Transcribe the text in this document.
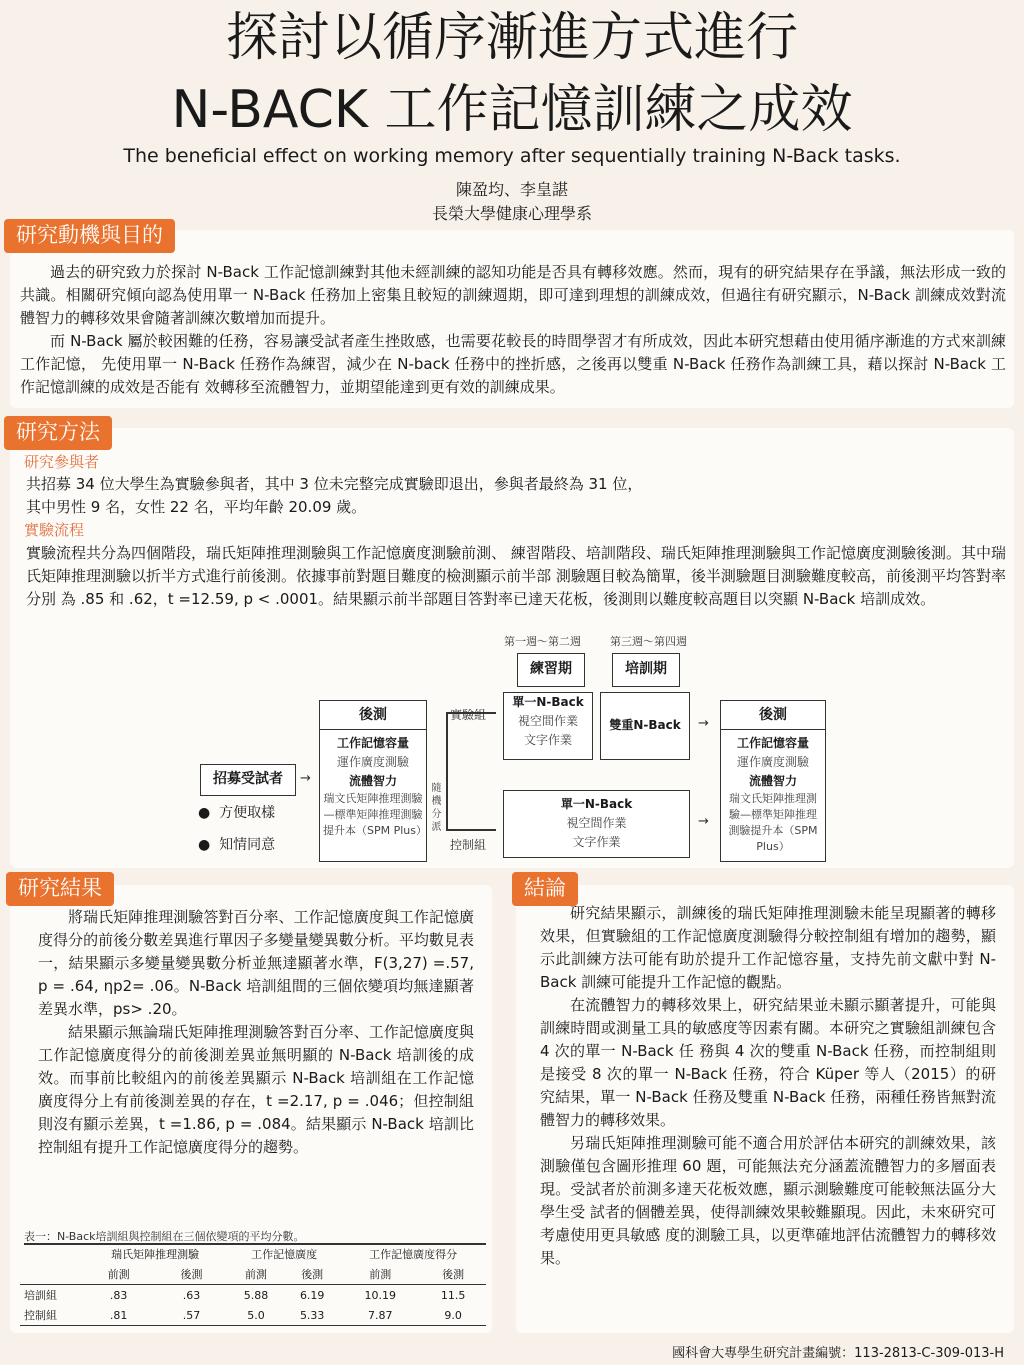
探討以循序漸進方式進行
N-BACK 工作記憶訓練之成效
The beneficial effect on working memory after sequentially training N-Back tasks.
陳盈均、李皇諶
長榮大學健康心理學系
研究動機與目的

過去的研究致力於探討 N-Back 工作記憶訓練對其他未經訓練的認知功能是否具有轉移效應。然而，現有的研究結果存在爭議，無法形成一致的共識。相關研究傾向認為使用單一 N-Back 任務加上密集且較短的訓練週期，即可達到理想的訓練成效，但過往有研究顯示，N-Back 訓練成效對流體智力的轉移效果會隨著訓練次數增加而提升。

而 N-Back 屬於較困難的任務，容易讓受試者產生挫敗感，也需要花較長的時間學習才有所成效，因此本研究想藉由使用循序漸進的方式來訓練工作記憶， 先使用單一 N-Back 任務作為練習，減少在 N-back 任務中的挫折感，之後再以雙重 N-Back 任務作為訓練工具，藉以探討 N-Back 工作記憶訓練的成效是否能有 效轉移至流體智力，並期望能達到更有效的訓練成果。

研究方法
研究參與者
共招募 34 位大學生為實驗參與者，其中 3 位未完整完成實驗即退出，參與者最終為 31 位，
其中男性 9 名，女性 22 名，平均年齡 20.09 歲。
實驗流程
實驗流程共分為四個階段，瑞氏矩陣推理測驗與工作記憶廣度測驗前測、 練習階段、培訓階段、瑞氏矩陣推理測驗與工作記憶廣度測驗後測。其中瑞氏矩陣推理測驗以折半方式進行前後測。依據事前對題目難度的檢測顯示前半部 測驗題目較為簡單，後半測驗題目測驗難度較高，前後測平均答對率分別 為 .85 和 .62，t =12.59, p < .0001。結果顯示前半部題目答對率已達天花板，後測則以難度較高題目以突顯 N-Back 培訓成效。
第一週～第二週	第三週～第四週
練習期	培訓期
招募受試者
●  方便取樣
●  知情同意
後測
工作記憶容量
運作廣度測驗
流體智力
瑞文氏矩陣推理測驗—標準矩陣推理測驗提升本（SPM Plus）
→
隨機分派
實驗組
控制組
單一N-Back
視空間作業
文字作業
雙重N-Back
單一N-Back
視空間作業
文字作業
→
→
後測
工作記憶容量
運作廣度測驗
流體智力
瑞文氏矩陣推理測驗—標準矩陣推理測驗提升本（SPM Plus）
研究結果

將瑞氏矩陣推理測驗答對百分率、工作記憶廣度與工作記憶廣度得分的前後分數差異進行單因子多變量變異數分析。平均數見表一，結果顯示多變量變異數分析並無達顯著水準，F(3,27) =.57, p = .64, ηp2= .06。N-Back 培訓組間的三個依變項均無達顯著差異水準，ps> .20。

結果顯示無論瑞氏矩陣推理測驗答對百分率、工作記憶廣度與工作記憶廣度得分的前後測差異並無明顯的 N-Back 培訓後的成效。而事前比較組內的前後差異顯示 N-Back 培訓組在工作記憶廣度得分上有前後測差異的存在，t =2.17, p = .046；但控制組則沒有顯示差異，t =1.86, p = .084。結果顯示 N-Back 培訓比控制組有提升工作記憶廣度得分的趨勢。

表一：N-Back培訓組與控制組在三個依變項的平均分數。
	瑞氏矩陣推理測驗		工作記憶廣度		工作記憶廣度得分	
	前測	後測	前測	後測	前測	後測
培訓組	.83	.63	5.88	6.19	10.19	11.5
控制組	.81	.57	5.0	5.33	7.87	9.0
結論

研究結果顯示，訓練後的瑞氏矩陣推理測驗未能呈現顯著的轉移效果，但實驗組的工作記憶廣度測驗得分較控制組有增加的趨勢，顯示此訓練方法可能有助於提升工作記憶容量，支持先前文獻中對 N-Back 訓練可能提升工作記憶的觀點。

在流體智力的轉移效果上，研究結果並未顯示顯著提升，可能與訓練時間或測量工具的敏感度等因素有關。本研究之實驗組訓練包含 4 次的單一 N-Back 任 務與 4 次的雙重 N-Back 任務，而控制組則是接受 8 次的單一 N-Back 任務，符合 Küper 等人（2015）的研究結果，單一 N-Back 任務及雙重 N-Back 任務，兩種任務皆無對流體智力的轉移效果。

另瑞氏矩陣推理測驗可能不適合用於評估本研究的訓練效果，該測驗僅包含圖形推理 60 題，可能無法充分涵蓋流體智力的多層面表現。受試者於前測多達天花板效應，顯示測驗難度可能較無法區分大學生受 試者的個體差異，使得訓練效果較難顯現。因此，未來研究可考慮使用更具敏感 度的測驗工具，以更準確地評估流體智力的轉移效果。

國科會大專學生研究計畫編號：113-2813-C-309-013-H
